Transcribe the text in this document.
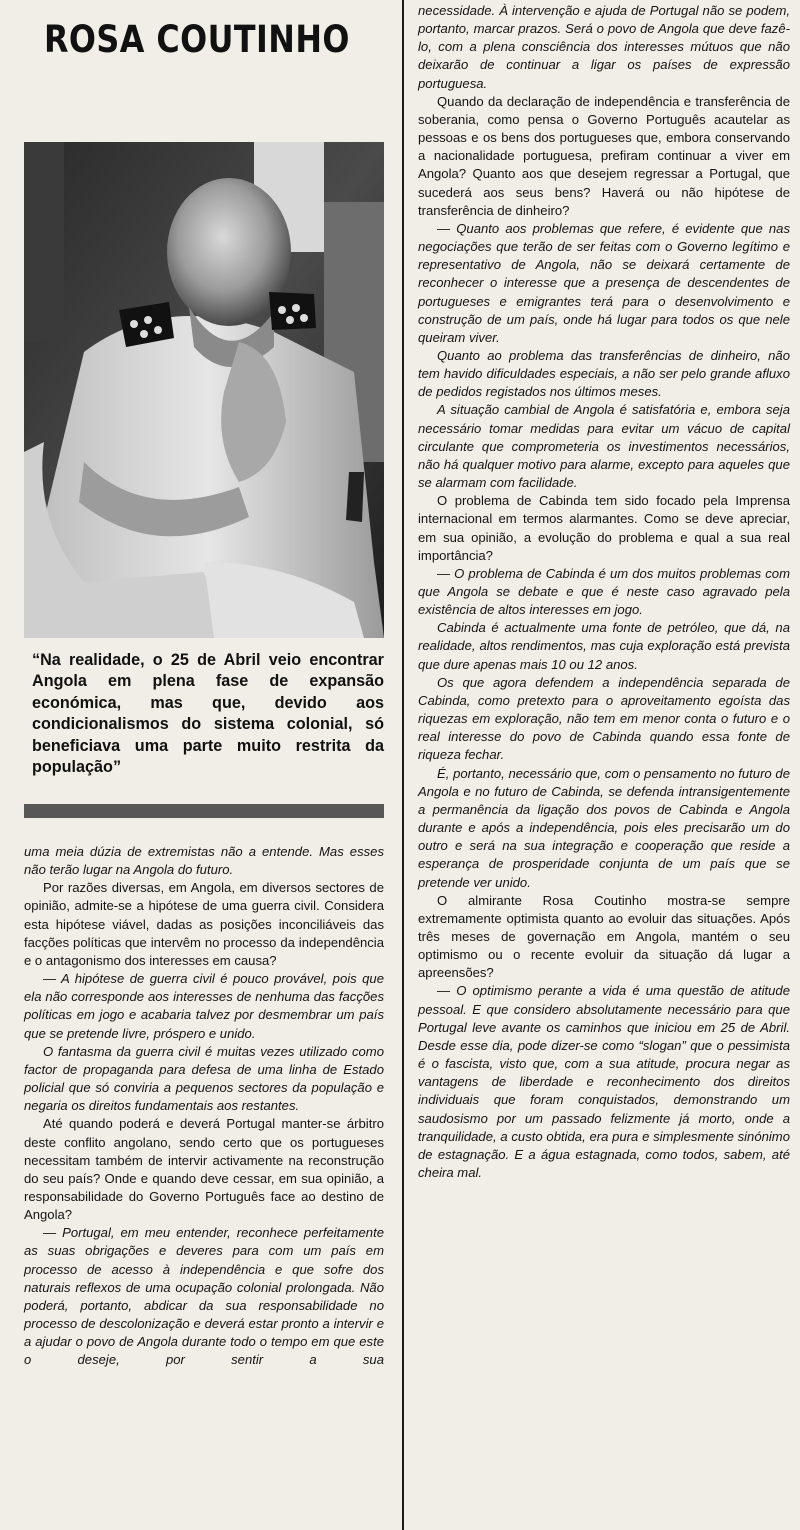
ROSA COUTINHO

“Na realidade, o 25 de Abril veio encontrar Angola em plena fase de expansão económica, mas que, devido aos condicionalismos do sistema colonial, só beneficiava uma parte muito restrita da população”

uma meia dúzia de extremistas não a entende. Mas esses não terão lugar na Angola do futuro.

Por razões diversas, em Angola, em diversos sectores de opinião, admite-se a hipótese de uma guerra civil. Considera esta hipótese viável, dadas as posições inconciliáveis das facções políticas que intervêm no processo da independência e o antagonismo dos interesses em causa?

— A hipótese de guerra civil é pouco provável, pois que ela não corresponde aos interesses de nenhuma das facções políticas em jogo e acabaria talvez por desmembrar um país que se pretende livre, próspero e unido.

O fantasma da guerra civil é muitas vezes utilizado como factor de propaganda para defesa de uma linha de Estado policial que só conviria a pequenos sectores da população e negaria os direitos fundamentais aos restantes.

Até quando poderá e deverá Portugal manter-se árbitro deste conflito angolano, sendo certo que os portugueses necessitam também de intervir activamente na reconstrução do seu país? Onde e quando deve cessar, em sua opinião, a responsabilidade do Governo Português face ao destino de Angola?

— Portugal, em meu entender, reconhece perfeitamente as suas obrigações e deveres para com um país em processo de acesso à independência e que sofre dos naturais reflexos de uma ocupação colonial prolongada. Não poderá, portanto, abdicar da sua responsabilidade no processo de descolonização e deverá estar pronto a intervir e a ajudar o povo de Angola durante todo o tempo em que este o deseje, por sentir a sua

necessidade. À intervenção e ajuda de Portugal não se podem, portanto, marcar prazos. Será o povo de Angola que deve fazê-lo, com a plena consciência dos interesses mútuos que não deixarão de continuar a ligar os países de expressão portuguesa.

Quando da declaração de independência e transferência de soberania, como pensa o Governo Português acautelar as pessoas e os bens dos portugueses que, embora conservando a nacionalidade portuguesa, prefiram continuar a viver em Angola? Quanto aos que desejem regressar a Portugal, que sucederá aos seus bens? Haverá ou não hipótese de transferência de dinheiro?

— Quanto aos problemas que refere, é evidente que nas negociações que terão de ser feitas com o Governo legítimo e representativo de Angola, não se deixará certamente de reconhecer o interesse que a presença de descendentes de portugueses e emigrantes terá para o desenvolvimento e construção de um país, onde há lugar para todos os que nele queiram viver.

Quanto ao problema das transferências de dinheiro, não tem havido dificuldades especiais, a não ser pelo grande afluxo de pedidos registados nos últimos meses.

A situação cambial de Angola é satisfatória e, embora seja necessário tomar medidas para evitar um vácuo de capital circulante que comprometeria os investimentos necessários, não há qualquer motivo para alarme, excepto para aqueles que se alarmam com facilidade.

O problema de Cabinda tem sido focado pela Imprensa internacional em termos alarmantes. Como se deve apreciar, em sua opinião, a evolução do problema e qual a sua real importância?

— O problema de Cabinda é um dos muitos problemas com que Angola se debate e que é neste caso agravado pela existência de altos interesses em jogo.

Cabinda é actualmente uma fonte de petróleo, que dá, na realidade, altos rendimentos, mas cuja exploração está prevista que dure apenas mais 10 ou 12 anos.

Os que agora defendem a independência separada de Cabinda, como pretexto para o aproveitamento egoísta das riquezas em exploração, não tem em menor conta o futuro e o real interesse do povo de Cabinda quando essa fonte de riqueza fechar.

É, portanto, necessário que, com o pensamento no futuro de Angola e no futuro de Cabinda, se defenda intransigentemente a permanência da ligação dos povos de Cabinda e Angola durante e após a independência, pois eles precisarão um do outro e será na sua integração e cooperação que reside a esperança de prosperidade conjunta de um país que se pretende ver unido.

O almirante Rosa Coutinho mostra-se sempre extremamente optimista quanto ao evoluir das situações. Após três meses de governação em Angola, mantém o seu optimismo ou o recente evoluir da situação dá lugar a apreensões?

— O optimismo perante a vida é uma questão de atitude pessoal. E que considero absolutamente necessário para que Portugal leve avante os caminhos que iniciou em 25 de Abril. Desde esse dia, pode dizer-se como “slogan” que o pessimista é o fascista, visto que, com a sua atitude, procura negar as vantagens de liberdade e reconhecimento dos direitos individuais que foram conquistados, demonstrando um saudosismo por um passado felizmente já morto, onde a tranquilidade, a custo obtida, era pura e simplesmente sinónimo de estagnação. E a água estagnada, como todos, sabem, até cheira mal.
